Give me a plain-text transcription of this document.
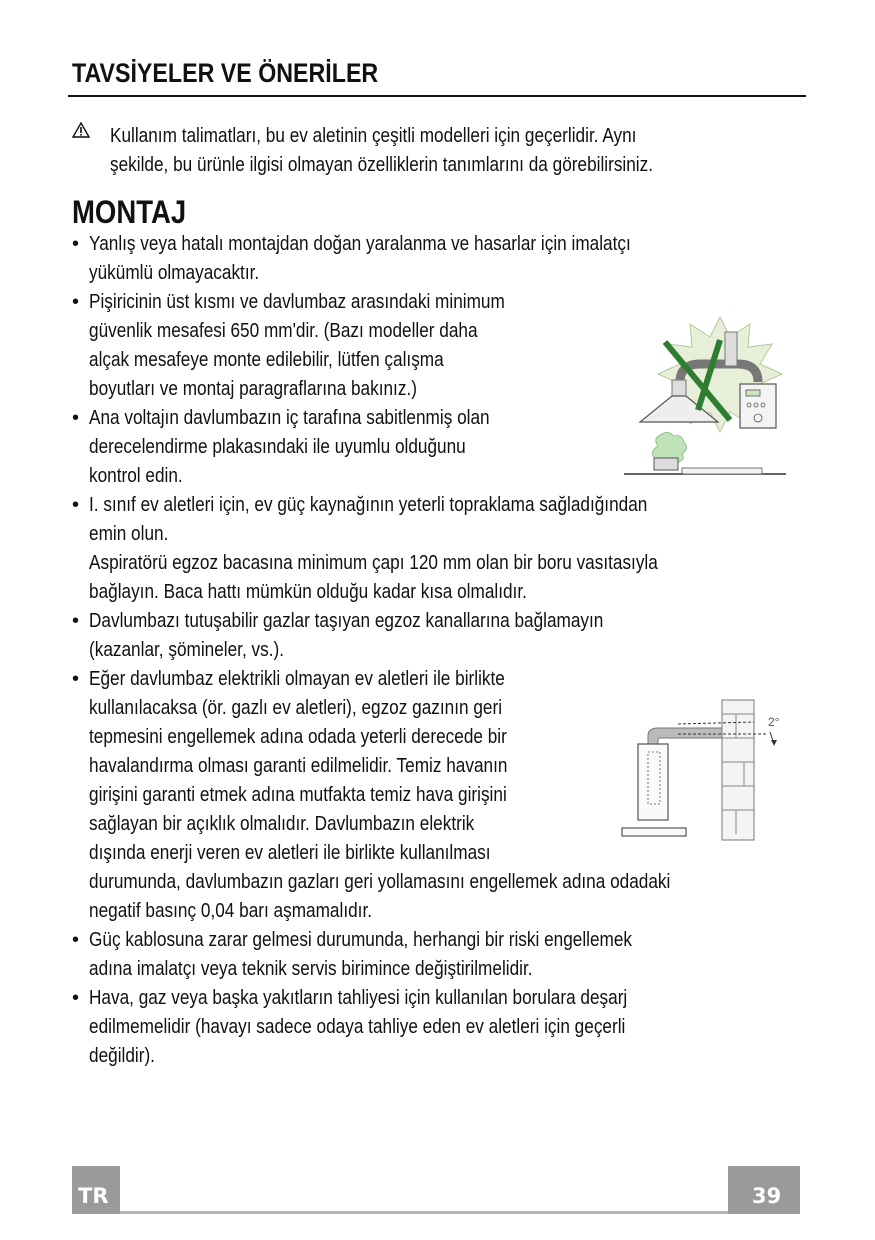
TAVSİYELER VE ÖNERİLER
Kullanım talimatları, bu ev aletinin çeşitli modelleri için geçerlidir. Aynı
şekilde, bu ürünle ilgisi olmayan özelliklerin tanımlarını da görebilirsiniz.
MONTAJ
• Yanlış veya hatalı montajdan doğan yaralanma ve hasarlar için imalatçı
yükümlü olmayacaktır.
• Pişiricinin üst kısmı ve davlumbaz arasındaki minimum
güvenlik mesafesi 650 mm'dir. (Bazı modeller daha
alçak mesafeye monte edilebilir, lütfen çalışma
boyutları ve montaj paragraflarına bakınız.)
• Ana voltajın davlumbazın iç tarafına sabitlenmiş olan
derecelendirme plakasındaki ile uyumlu olduğunu
kontrol edin.
• I. sınıf ev aletleri için, ev güç kaynağının yeterli topraklama sağladığından
emin olun.
Aspiratörü egzoz bacasına minimum çapı 120 mm olan bir boru vasıtasıyla
bağlayın. Baca hattı mümkün olduğu kadar kısa olmalıdır.
• Davlumbazı tutuşabilir gazlar taşıyan egzoz kanallarına bağlamayın
(kazanlar, şömineler, vs.).
• Eğer davlumbaz elektrikli olmayan ev aletleri ile birlikte
kullanılacaksa (ör. gazlı ev aletleri), egzoz gazının geri
tepmesini engellemek adına odada yeterli derecede bir
havalandırma olması garanti edilmelidir. Temiz havanın
girişini garanti etmek adına mutfakta temiz hava girişini
sağlayan bir açıklık olmalıdır. Davlumbazın elektrik
dışında enerji veren ev aletleri ile birlikte kullanılması
durumunda, davlumbazın gazları geri yollamasını engellemek adına odadaki
negatif basınç 0,04 barı aşmamalıdır.
• Güç kablosuna zarar gelmesi durumunda, herhangi bir riski engellemek
adına imalatçı veya teknik servis birimince değiştirilmelidir.
• Hava, gaz veya başka yakıtların tahliyesi için kullanılan borulara deşarj
edilmemelidir (havayı sadece odaya tahliye eden ev aletleri için geçerli
değildir).
2°
TR	39
